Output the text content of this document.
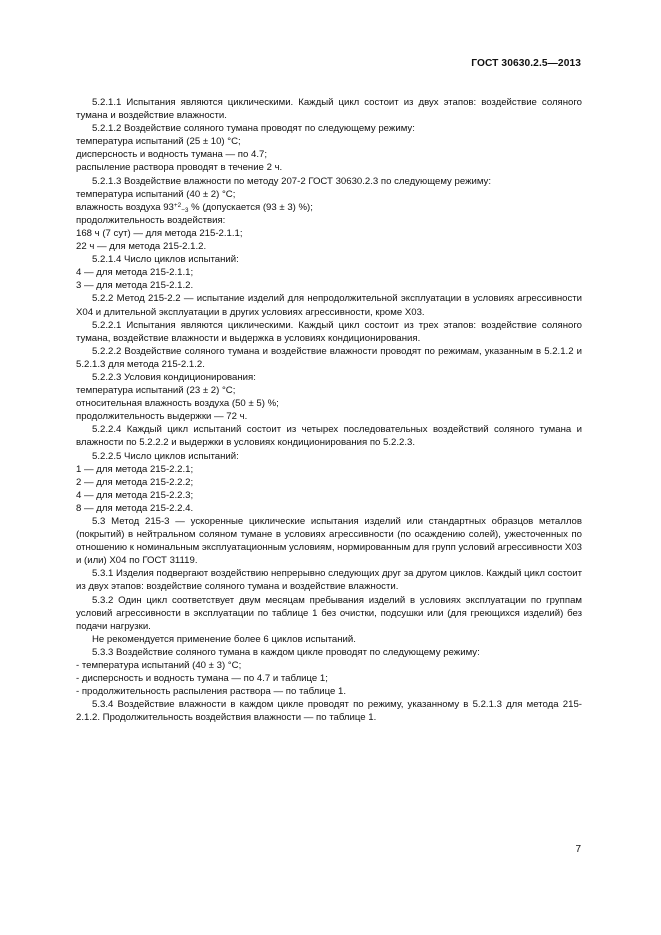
ГОСТ 30630.2.5—2013

5.2.1.1 Испытания являются циклическими. Каждый цикл состоит из двух этапов: воздействие соляного тумана и воздействие влажности.

5.2.1.2 Воздействие соляного тумана проводят по следующему режиму:

температура испытаний (25 ± 10) °C;

дисперсность и водность тумана — по 4.7;

распыление раствора проводят в течение 2 ч.

5.2.1.3 Воздействие влажности по методу 207-2 ГОСТ 30630.2.3 по следующему режиму:

температура испытаний (40 ± 2) °C;

влажность воздуха $93^{+2}_{-3}$ % (допускается (93 ± 3) %);

продолжительность воздействия:

168 ч (7 сут) — для метода 215-2.1.1;

22 ч — для метода 215-2.1.2.

5.2.1.4 Число циклов испытаний:

4 — для метода 215-2.1.1;

3 — для метода 215-2.1.2.

5.2.2 Метод 215-2.2 — испытание изделий для непродолжительной эксплуатации в условиях агрессивности Х04 и длительной эксплуатации в других условиях агрессивности, кроме Х03.

5.2.2.1 Испытания являются циклическими. Каждый цикл состоит из трех этапов: воздействие соляного тумана, воздействие влажности и выдержка в условиях кондиционирования.

5.2.2.2 Воздействие соляного тумана и воздействие влажности проводят по режимам, указанным в 5.2.1.2 и 5.2.1.3 для метода 215-2.1.2.

5.2.2.3 Условия кондиционирования:

температура испытаний (23 ± 2) °C;

относительная влажность воздуха (50 ± 5) %;

продолжительность выдержки — 72 ч.

5.2.2.4 Каждый цикл испытаний состоит из четырех последовательных воздействий соляного тумана и влажности по 5.2.2.2 и выдержки в условиях кондиционирования по 5.2.2.3.

5.2.2.5 Число циклов испытаний:

1 — для метода 215-2.2.1;

2 — для метода 215-2.2.2;

4 — для метода 215-2.2.3;

8 — для метода 215-2.2.4.

5.3 Метод 215-3 — ускоренные циклические испытания изделий или стандартных образцов металлов (покрытий) в нейтральном соляном тумане в условиях агрессивности (по осаждению солей), ужесточенных по отношению к номинальным эксплуатационным условиям, нормированным для групп условий агрессивности Х03 и (или) Х04 по ГОСТ 31119.

5.3.1 Изделия подвергают воздействию непрерывно следующих друг за другом циклов. Каждый цикл состоит из двух этапов: воздействие соляного тумана и воздействие влажности.

5.3.2 Один цикл соответствует двум месяцам пребывания изделий в условиях эксплуатации по группам условий агрессивности в эксплуатации по таблице 1 без очистки, подсушки или (для греющихся изделий) без подачи нагрузки.

Не рекомендуется применение более 6 циклов испытаний.

5.3.3 Воздействие соляного тумана в каждом цикле проводят по следующему режиму:

- температура испытаний (40 ± 3) °C;

- дисперсность и водность тумана — по 4.7 и таблице 1;

- продолжительность распыления раствора — по таблице 1.

5.3.4 Воздействие влажности в каждом цикле проводят по режиму, указанному в 5.2.1.3 для метода 215-2.1.2. Продолжительность воздействия влажности — по таблице 1.

7
